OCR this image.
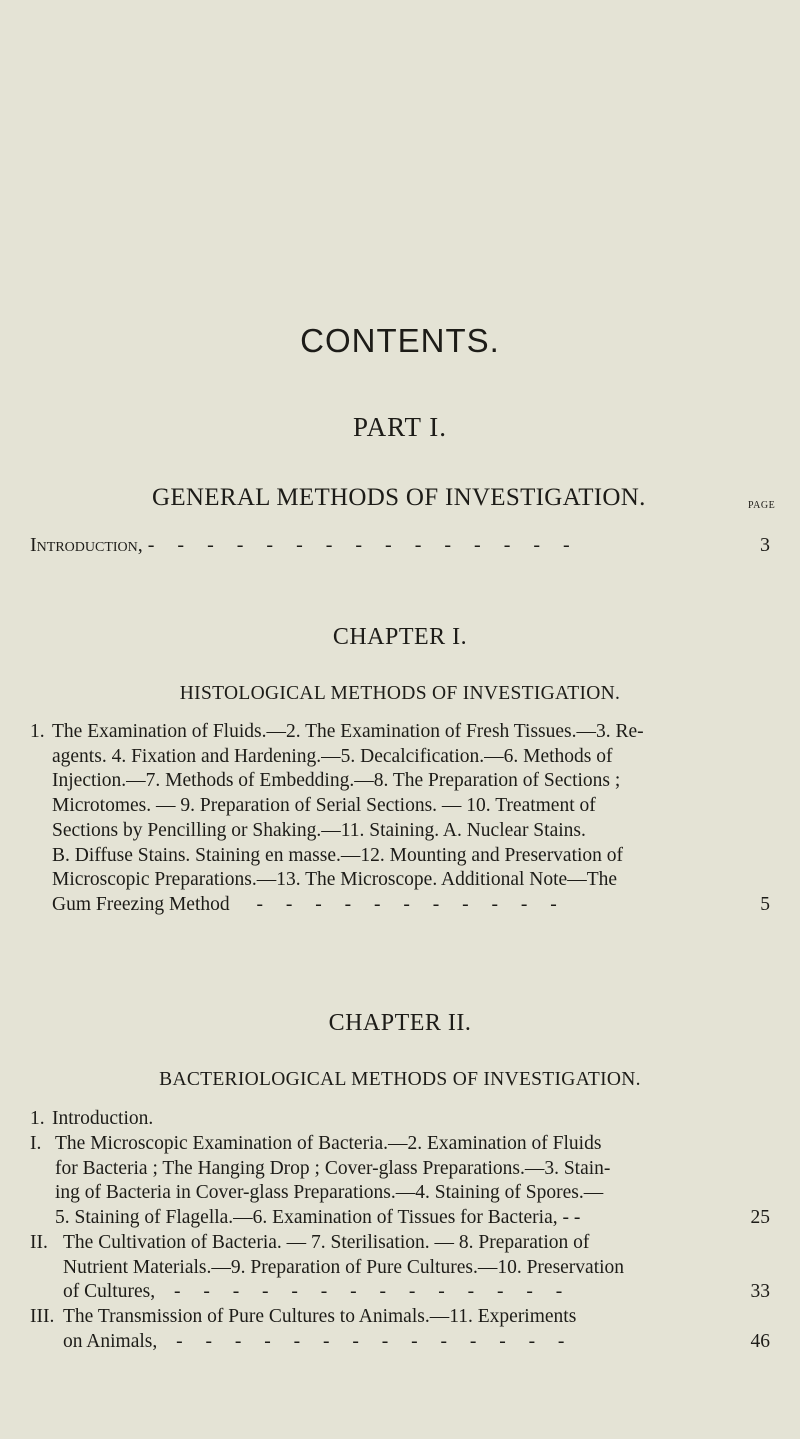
CONTENTS.
PART I.
GENERAL METHODS OF INVESTIGATION.	PAGE
Introduction, - - - - - - - - - - - - - - -	3
CHAPTER I.
HISTOLOGICAL METHODS OF INVESTIGATION.
1. The Examination of Fluids.—2. The Examination of Fresh Tissues.—3. Re-
agents. 4. Fixation and Hardening.—5. Decalcification.—6. Methods of
Injection.—7. Methods of Embedding.—8. The Preparation of Sections ;
Microtomes. — 9. Preparation of Serial Sections. — 10. Treatment of
Sections by Pencilling or Shaking.—11. Staining. A. Nuclear Stains.
B. Diffuse Stains. Staining en masse.—12. Mounting and Preservation of
Microscopic Preparations.—13. The Microscope. Additional Note—The
Gum Freezing Method - - - - - - - - - - -	5
CHAPTER II.
BACTERIOLOGICAL METHODS OF INVESTIGATION.
1. Introduction.
I. The Microscopic Examination of Bacteria.—2. Examination of Fluids
for Bacteria ; The Hanging Drop ; Cover-glass Preparations.—3. Stain-
ing of Bacteria in Cover-glass Preparations.—4. Staining of Spores.—
5. Staining of Flagella.—6. Examination of Tissues for Bacteria, - -	25
II. The Cultivation of Bacteria. — 7. Sterilisation. — 8. Preparation of
Nutrient Materials.—9. Preparation of Pure Cultures.—10. Preservation
of Cultures, - - - - - - - - - - - - - -	33
III. The Transmission of Pure Cultures to Animals.—11. Experiments
on Animals, - - - - - - - - - - - - - -	46
